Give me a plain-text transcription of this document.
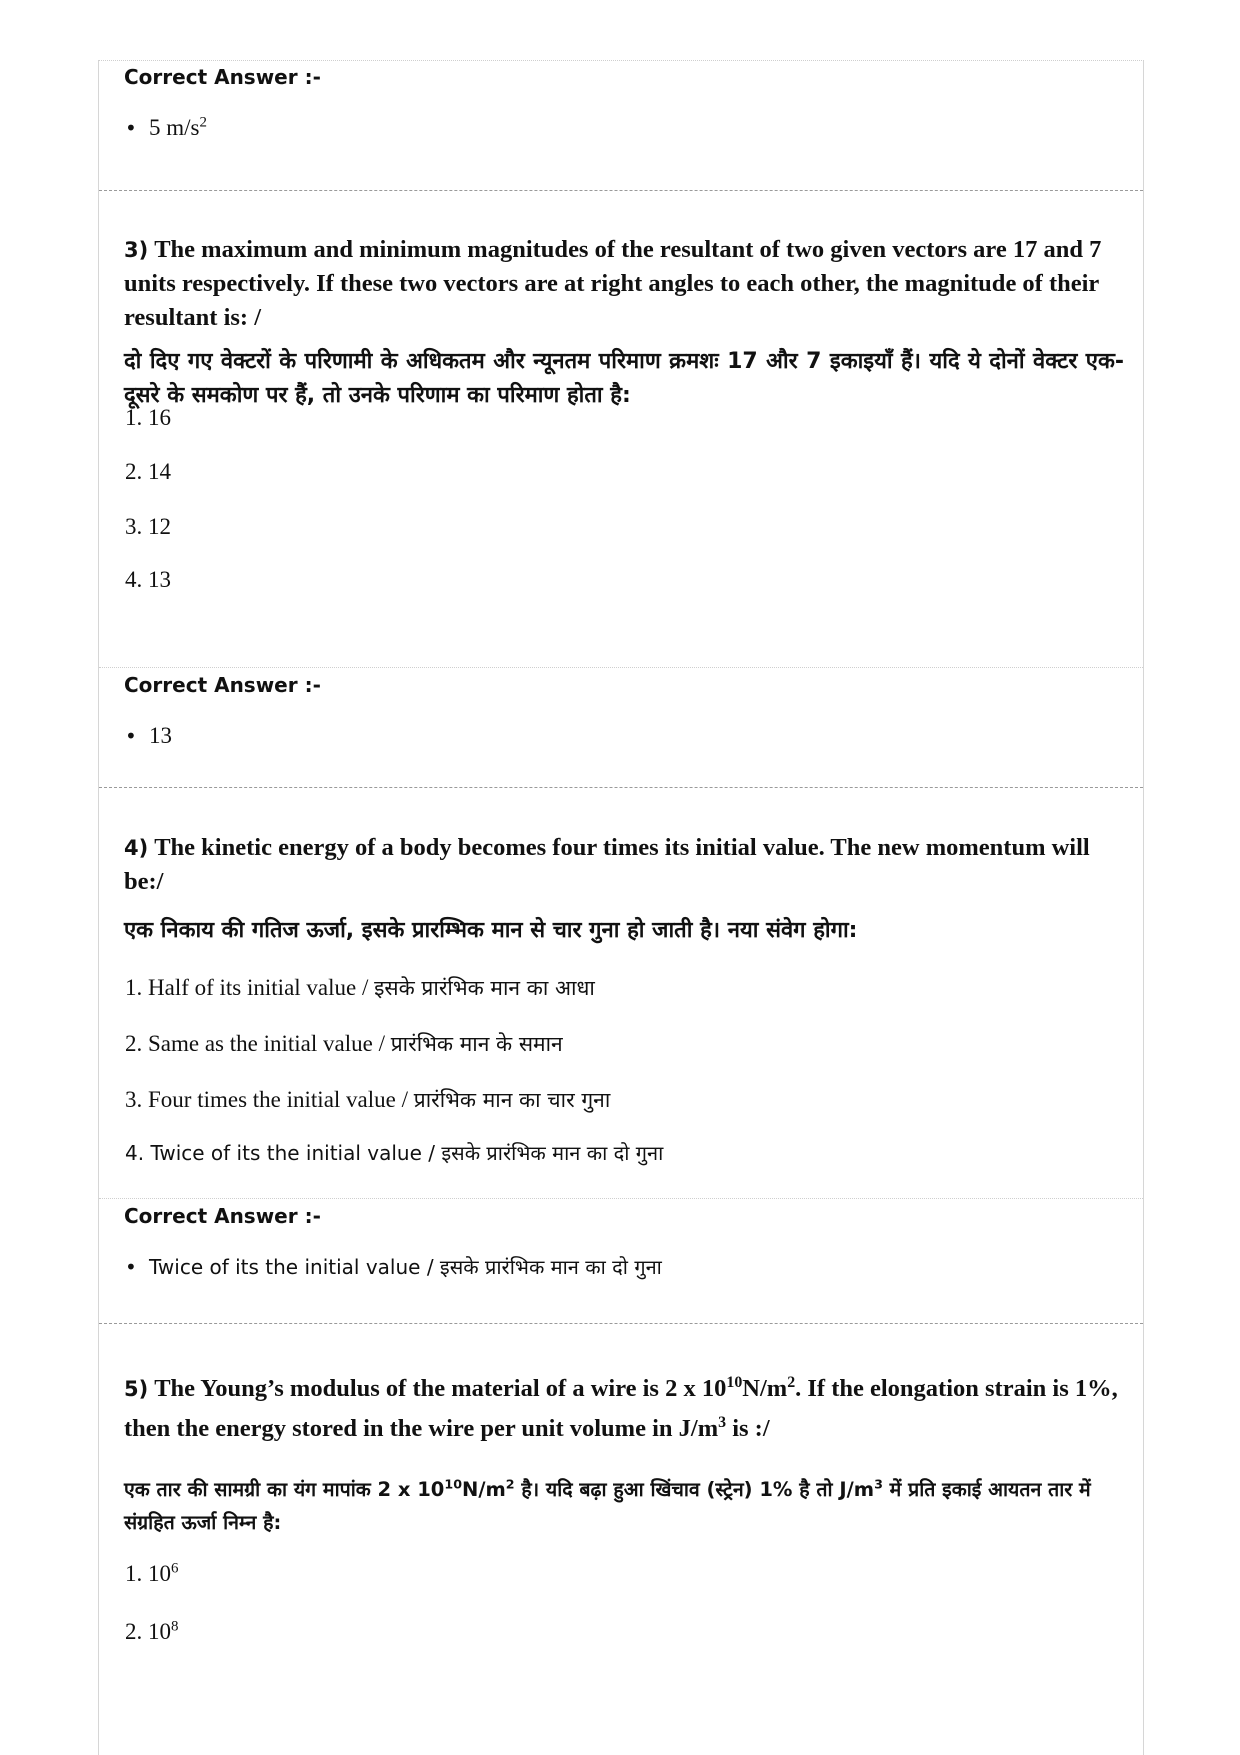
Correct Answer :-
• 5 $m/s^2$
3) The maximum and minimum magnitudes of the resultant of two given vectors are 17 and 7 units respectively. If these two vectors are at right angles to each other, the magnitude of their resultant is: /
दो दिए गए वेक्टरों के परिणामी के अधिकतम और न्यूनतम परिमाण क्रमशः 17 और 7 इकाइयाँ हैं। यदि ये दोनों वेक्टर एक-दूसरे के समकोण पर हैं, तो उनके परिणाम का परिमाण होता है:
1. 16
2. 14
3. 12
4. 13
Correct Answer :-
• 13
4) The kinetic energy of a body becomes four times its initial value. The new momentum will be:/
एक निकाय की गतिज ऊर्जा, इसके प्रारम्भिक मान से चार गुना हो जाती है। नया संवेग होगा:
1. Half of its initial value / इसके प्रारंभिक मान का आधा
2. Same as the initial value / प्रारंभिक मान के समान
3. Four times the initial value / प्रारंभिक मान का चार गुना
4. Twice of its the initial value / इसके प्रारंभिक मान का दो गुना
Correct Answer :-
• Twice of its the initial value / इसके प्रारंभिक मान का दो गुना
5) The Young’s modulus of the material of a wire is 2 x $10^{10}N/m^2$. If the elongation strain is 1%, then the energy stored in the wire per unit volume in $J/m^3$ is :/
एक तार की सामग्री का यंग मापांक 2 x $10^{10}N/m^2$ है। यदि बढ़ा हुआ खिंचाव (स्ट्रेन) 1% है तो $J/m^3$ में प्रति इकाई आयतन तार में संग्रहित ऊर्जा निम्न है:
1. $10^6$
2. $10^8$
